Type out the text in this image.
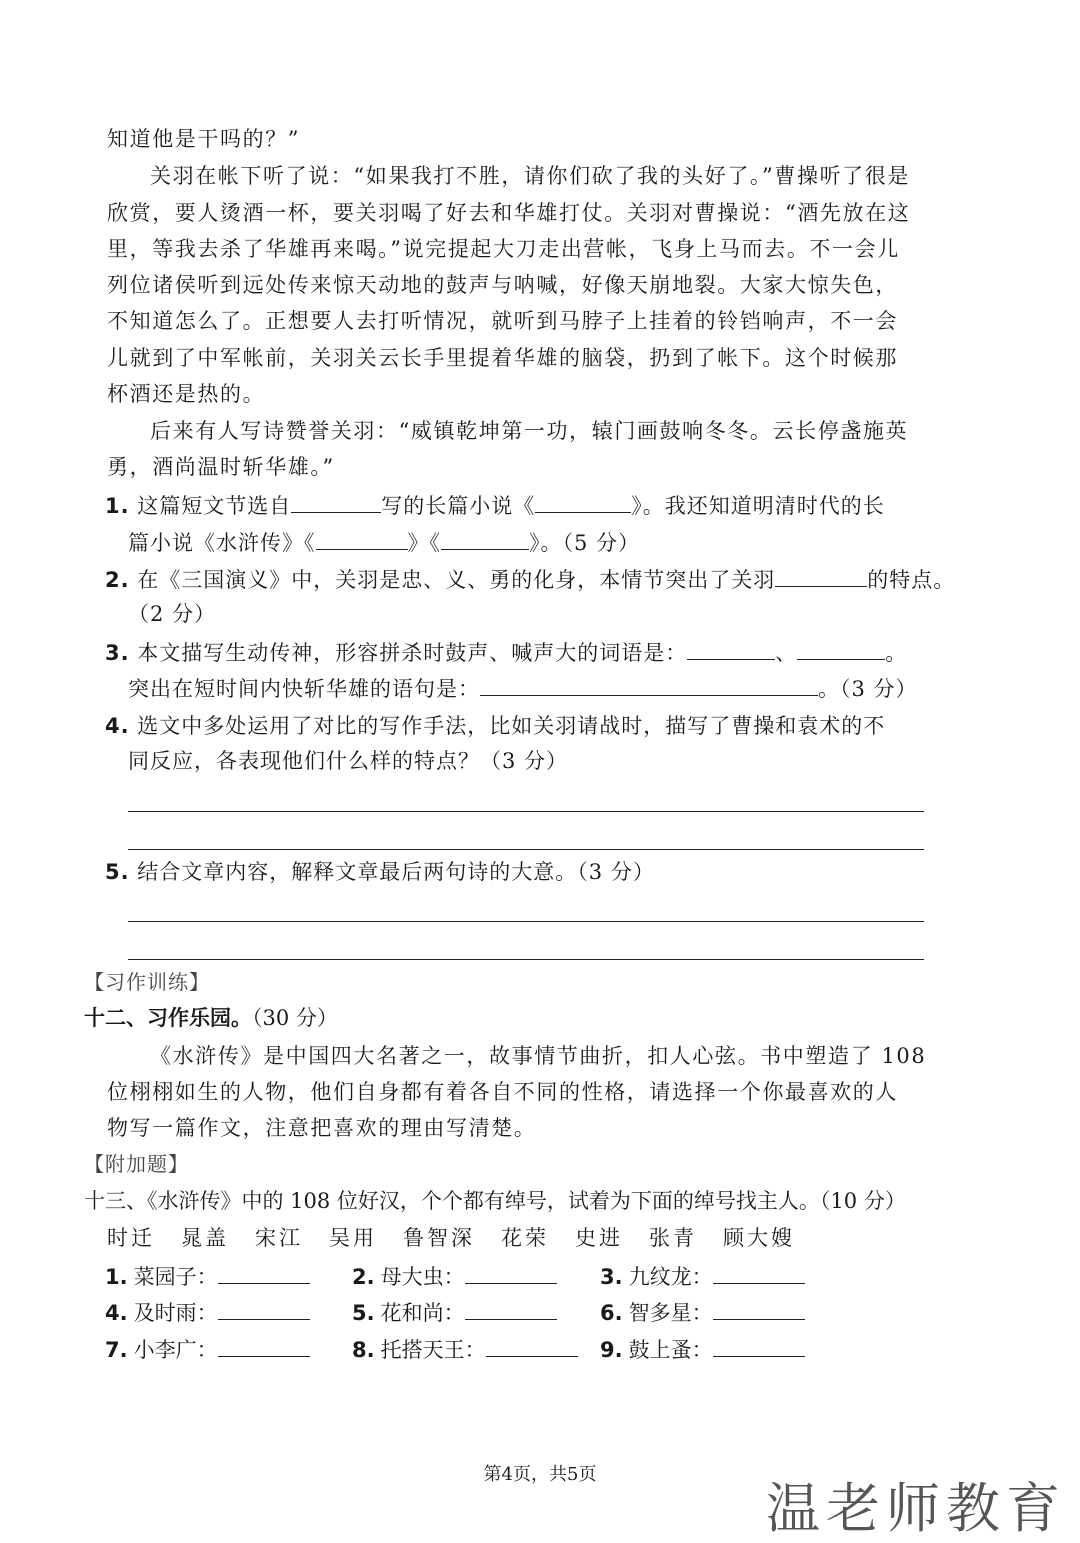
知道他是干吗的？”
关羽在帐下听了说：“如果我打不胜，请你们砍了我的头好了。”曹操听了很是
欣赏，要人烫酒一杯，要关羽喝了好去和华雄打仗。关羽对曹操说：“酒先放在这
里，等我去杀了华雄再来喝。”说完提起大刀走出营帐，飞身上马而去。不一会儿
列位诸侯听到远处传来惊天动地的鼓声与呐喊，好像天崩地裂。大家大惊失色，
不知道怎么了。正想要人去打听情况，就听到马脖子上挂着的铃铛响声，不一会
儿就到了中军帐前，关羽关云长手里提着华雄的脑袋，扔到了帐下。这个时候那
杯酒还是热的。
后来有人写诗赞誉关羽：“威镇乾坤第一功，辕门画鼓响冬冬。云长停盏施英
勇，酒尚温时斩华雄。”
1. 这篇短文节选自	写的长篇小说《	》。我还知道明清时代的长
篇小说《水浒传》《	》《	》。（5 分）
2. 在《三国演义》中，关羽是忠、义、勇的化身，本情节突出了关羽	的特点。
（2 分）
3. 本文描写生动传神，形容拼杀时鼓声、喊声大的词语是：	、	。
突出在短时间内快斩华雄的语句是：	。（3 分）
4. 选文中多处运用了对比的写作手法，比如关羽请战时，描写了曹操和袁术的不
同反应，各表现他们什么样的特点？（3 分）
5. 结合文章内容，解释文章最后两句诗的大意。（3 分）
【习作训练】
十二、习作乐园。（30 分）
《水浒传》是中国四大名著之一，故事情节曲折，扣人心弦。书中塑造了 108
位栩栩如生的人物，他们自身都有着各自不同的性格，请选择一个你最喜欢的人
物写一篇作文，注意把喜欢的理由写清楚。
【附加题】
十三、《水浒传》中的 108 位好汉，个个都有绰号，试着为下面的绰号找主人。（10 分）
时迁 晁盖 宋江 吴用 鲁智深 花荣 史进 张青 顾大嫂
1. 菜园子：	2. 母大虫：	3. 九纹龙：
4. 及时雨：	5. 花和尚：	6. 智多星：
7. 小李广：	8. 托搭天王：	9. 鼓上蚤：
第4页，共5页
温老师教育
